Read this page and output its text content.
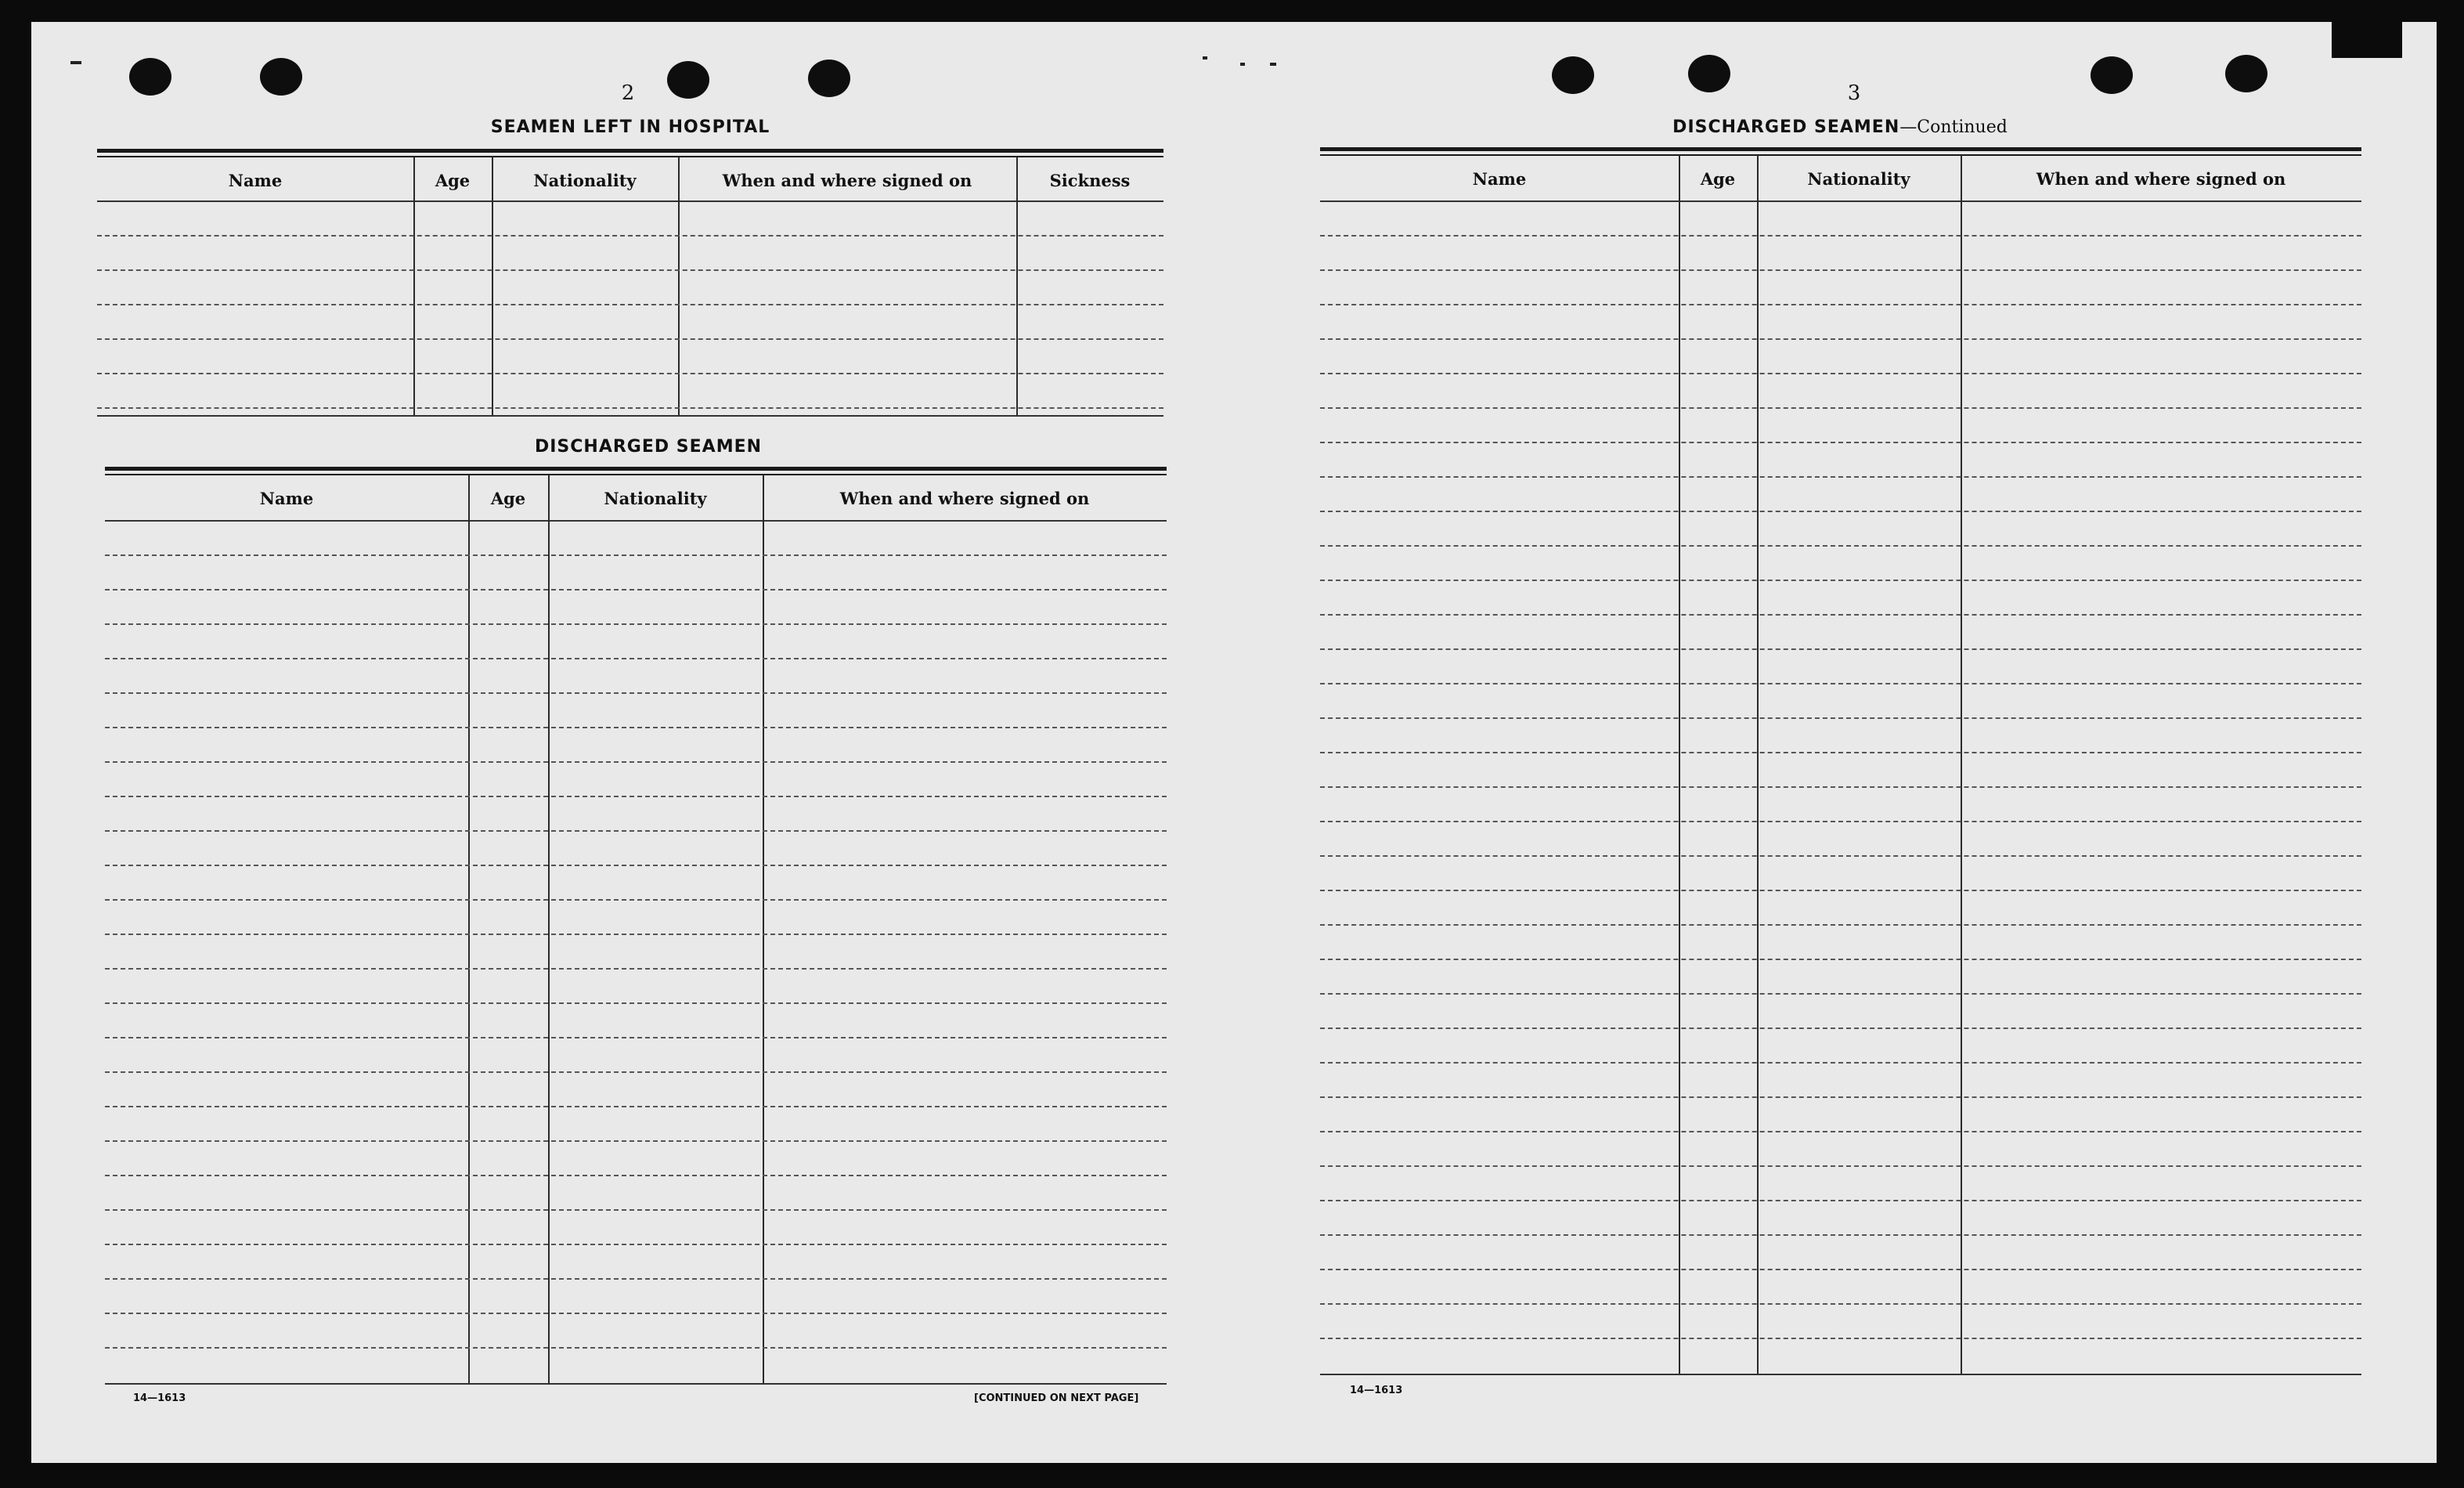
2
SEAMEN LEFT IN HOSPITAL
DISCHARGED SEAMEN
14—1613	[CONTINUED ON NEXT PAGE]
3
DISCHARGED SEAMEN—Continued
14—1613
Name	Age	Nationality	When and where signed on	Sickness
Name	Age	Nationality	When and where signed on
Name	Age	Nationality	When and where signed on
